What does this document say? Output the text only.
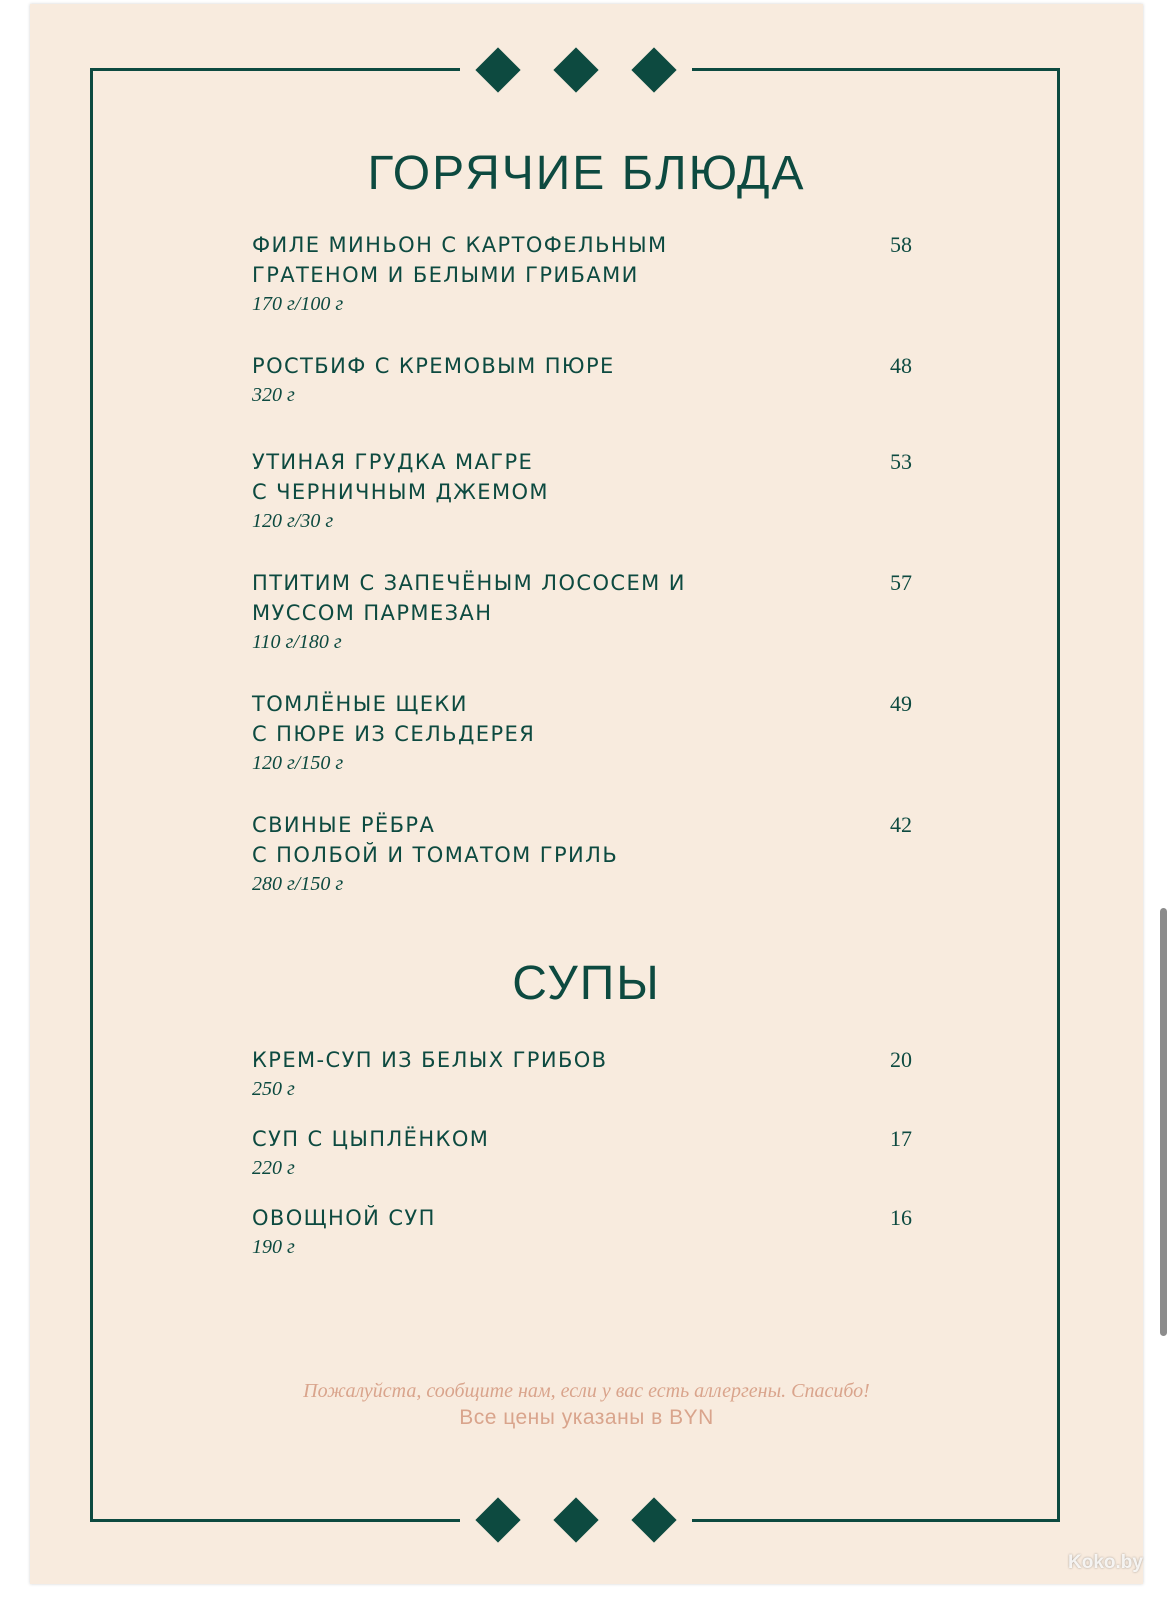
ГОРЯЧИЕ БЛЮДА
ФИЛЕ МИНЬОН С КАРТОФЕЛЬНЫМ
ГРАТЕНОМ И БЕЛЫМИ ГРИБАМИ
170 г/100 г
58
РОСТБИФ С КРЕМОВЫМ ПЮРЕ
320 г
48
УТИНАЯ ГРУДКА МАГРЕ
С ЧЕРНИЧНЫМ ДЖЕМОМ
120 г/30 г
53
ПТИТИМ С ЗАПЕЧЁНЫМ ЛОСОСЕМ И
МУССОМ ПАРМЕЗАН
110 г/180 г
57
ТОМЛЁНЫЕ ЩЕКИ
С ПЮРЕ ИЗ СЕЛЬДЕРЕЯ
120 г/150 г
49
СВИНЫЕ РЁБРА
С ПОЛБОЙ И ТОМАТОМ ГРИЛЬ
280 г/150 г
42
СУПЫ
КРЕМ-СУП ИЗ БЕЛЫХ ГРИБОВ
250 г
20
СУП С ЦЫПЛЁНКОМ
220 г
17
ОВОЩНОЙ СУП
190 г
16
Пожалуйста, сообщите нам, если у вас есть аллергены. Спасибо!
Все цены указаны в BYN
Koko.by
